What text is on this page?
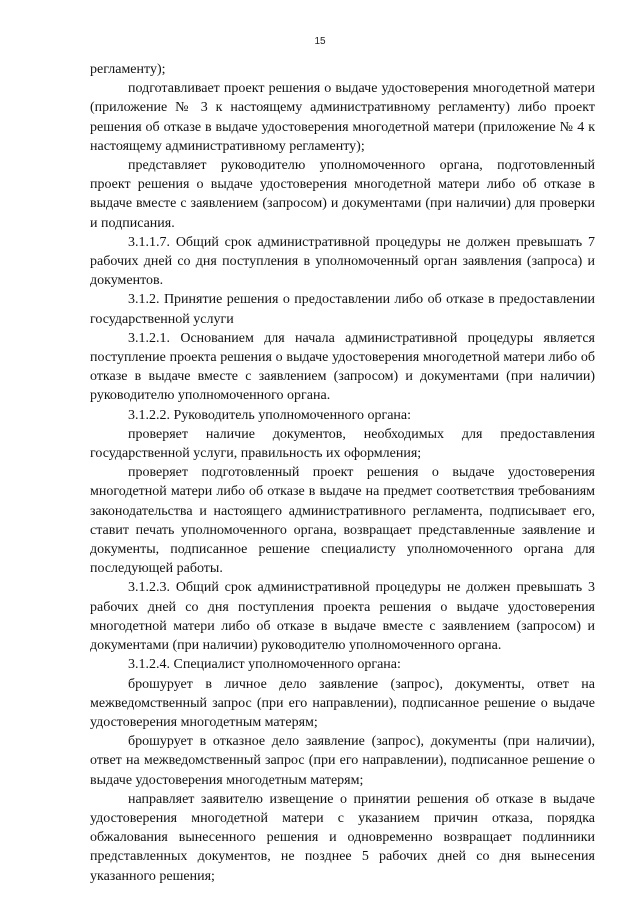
15

регламенту);

подготавливает проект решения о выдаче удостоверения многодетной матери (приложение № 3 к настоящему административному регламенту) либо проект решения об отказе в выдаче удостоверения многодетной матери (приложение № 4 к настоящему административному регламенту);

представляет руководителю уполномоченного органа, подготовленный проект решения о выдаче удостоверения многодетной матери либо об отказе в выдаче вместе с заявлением (запросом) и документами (при наличии) для проверки и подписания.

3.1.1.7. Общий срок административной процедуры не должен превышать 7 рабочих дней со дня поступления в уполномоченный орган заявления (запроса) и документов.

3.1.2. Принятие решения о предоставлении либо об отказе в предоставлении государственной услуги

3.1.2.1. Основанием для начала административной процедуры является поступление проекта решения о выдаче удостоверения многодетной матери либо об отказе в выдаче вместе с заявлением (запросом) и документами (при наличии) руководителю уполномоченного органа.

3.1.2.2. Руководитель уполномоченного органа:

проверяет наличие документов, необходимых для предоставления государственной услуги, правильность их оформления;

проверяет подготовленный проект решения о выдаче удостоверения многодетной матери либо об отказе в выдаче на предмет соответствия требованиям законодательства и настоящего административного регламента, подписывает его, ставит печать уполномоченного органа, возвращает представленные заявление и документы, подписанное решение специалисту уполномоченного органа для последующей работы.

3.1.2.3. Общий срок административной процедуры не должен превышать 3 рабочих дней со дня поступления проекта решения о выдаче удостоверения многодетной матери либо об отказе в выдаче вместе с заявлением (запросом) и документами (при наличии) руководителю уполномоченного органа.

3.1.2.4. Специалист уполномоченного органа:

брошурует в личное дело заявление (запрос), документы, ответ на межведомственный запрос (при его направлении), подписанное решение о выдаче удостоверения многодетным матерям;

брошурует в отказное дело заявление (запрос), документы (при наличии), ответ на межведомственный запрос (при его направлении), подписанное решение о выдаче удостоверения многодетным матерям;

направляет заявителю извещение о принятии решения об отказе в выдаче удостоверения многодетной матери с указанием причин отказа, порядка обжалования вынесенного решения и одновременно возвращает подлинники представленных документов, не позднее 5 рабочих дней со дня вынесения указанного решения;
